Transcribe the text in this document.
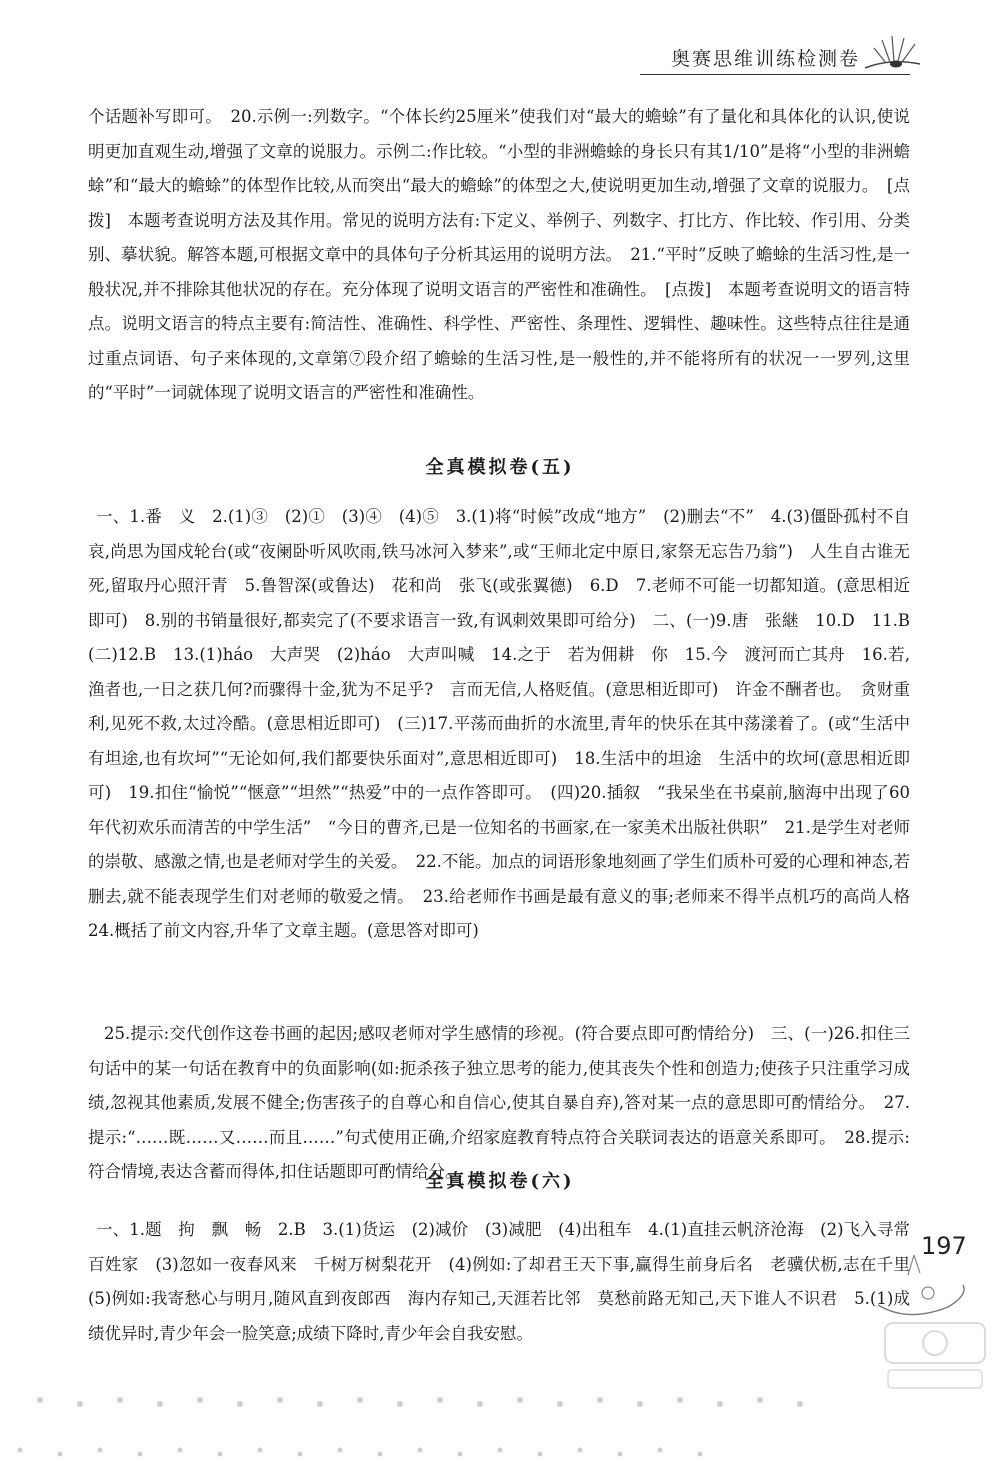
奥赛思维训练检测卷

个话题补写即可。　20.示例一:列数字。“个体长约25厘米”使我们对“最大的蟾蜍”有了量化和具体化的认识,使说明更加直观生动,增强了文章的说服力。示例二:作比较。“小型的非洲蟾蜍的身长只有其1/10”是将“小型的非洲蟾蜍”和“最大的蟾蜍”的体型作比较,从而突出“最大的蟾蜍”的体型之大,使说明更加生动,增强了文章的说服力。　[点拨]　本题考查说明方法及其作用。常见的说明方法有:下定义、举例子、列数字、打比方、作比较、作引用、分类别、摹状貌。解答本题,可根据文章中的具体句子分析其运用的说明方法。　21.“平时”反映了蟾蜍的生活习性,是一般状况,并不排除其他状况的存在。充分体现了说明文语言的严密性和准确性。　[点拨]　本题考查说明文的语言特点。说明文语言的特点主要有:简洁性、准确性、科学性、严密性、条理性、逻辑性、趣味性。这些特点往往是通过重点词语、句子来体现的,文章第⑦段介绍了蟾蜍的生活习性,是一般性的,并不能将所有的状况一一罗列,这里的“平时”一词就体现了说明文语言的严密性和准确性。

全真模拟卷(五)

一、1.番　义　2.(1)③　(2)①　(3)④　(4)⑤　3.(1)将“时候”改成“地方”　(2)删去“不”　4.(3)僵卧孤村不自哀,尚思为国戍轮台(或“夜阑卧听风吹雨,铁马冰河入梦来”,或“王师北定中原日,家祭无忘告乃翁”)　人生自古谁无死,留取丹心照汗青　5.鲁智深(或鲁达)　花和尚　张飞(或张翼德)　6.D　7.老师不可能一切都知道。(意思相近即可)　8.别的书销量很好,都卖完了(不要求语言一致,有讽刺效果即可给分)　二、(一)9.唐　张継　10.D　11.B　(二)12.B　13.(1)háo　大声哭　(2)háo　大声叫喊　14.之于　若为佣耕　你　15.今　渡河而亡其舟　16.若,渔者也,一日之获几何?而骤得十金,犹为不足乎?　言而无信,人格贬值。(意思相近即可)　许金不酬者也。　贪财重利,见死不救,太过冷酷。(意思相近即可)　(三)17.平荡而曲折的水流里,青年的快乐在其中荡漾着了。(或“生活中有坦途,也有坎坷”“无论如何,我们都要快乐面对”,意思相近即可)　18.生活中的坦途　生活中的坎坷(意思相近即可)　19.扣住“愉悦”“惬意”“坦然”“热爱”中的一点作答即可。　(四)20.插叙　“我呆坐在书桌前,脑海中出现了60年代初欢乐而清苦的中学生活”　“今日的曹齐,已是一位知名的书画家,在一家美术出版社供职”　21.是学生对老师的崇敬、感激之情,也是老师对学生的关爱。　22.不能。加点的词语形象地刻画了学生们质朴可爱的心理和神态,若删去,就不能表现学生们对老师的敬爱之情。　23.给老师作书画是最有意义的事;老师来不得半点机巧的高尚人格　24.概括了前文内容,升华了文章主题。(意思答对即可)

25.提示:交代创作这卷书画的起因;感叹老师对学生感情的珍视。(符合要点即可酌情给分)　三、(一)26.扣住三句话中的某一句话在教育中的负面影响(如:扼杀孩子独立思考的能力,使其丧失个性和创造力;使孩子只注重学习成绩,忽视其他素质,发展不健全;伤害孩子的自尊心和自信心,使其自暴自弃),答对某一点的意思即可酌情给分。　27.提示:“……既……又……而且……”句式使用正确,介绍家庭教育特点符合关联词表达的语意关系即可。　28.提示:符合情境,表达含蓄而得体,扣住话题即可酌情给分。

全真模拟卷(六)

一、1.题　拘　飘　畅　2.B　3.(1)货运　(2)减价　(3)减肥　(4)出租车　4.(1)直挂云帆济沧海　(2)飞入寻常百姓家　(3)忽如一夜春风来　千树万树梨花开　(4)例如:了却君王天下事,赢得生前身后名　老骥伏枥,志在千里　(5)例如:我寄愁心与明月,随风直到夜郎西　海内存知己,天涯若比邻　莫愁前路无知己,天下谁人不识君　5.(1)成绩优异时,青少年会一脸笑意;成绩下降时,青少年会自我安慰。

197
